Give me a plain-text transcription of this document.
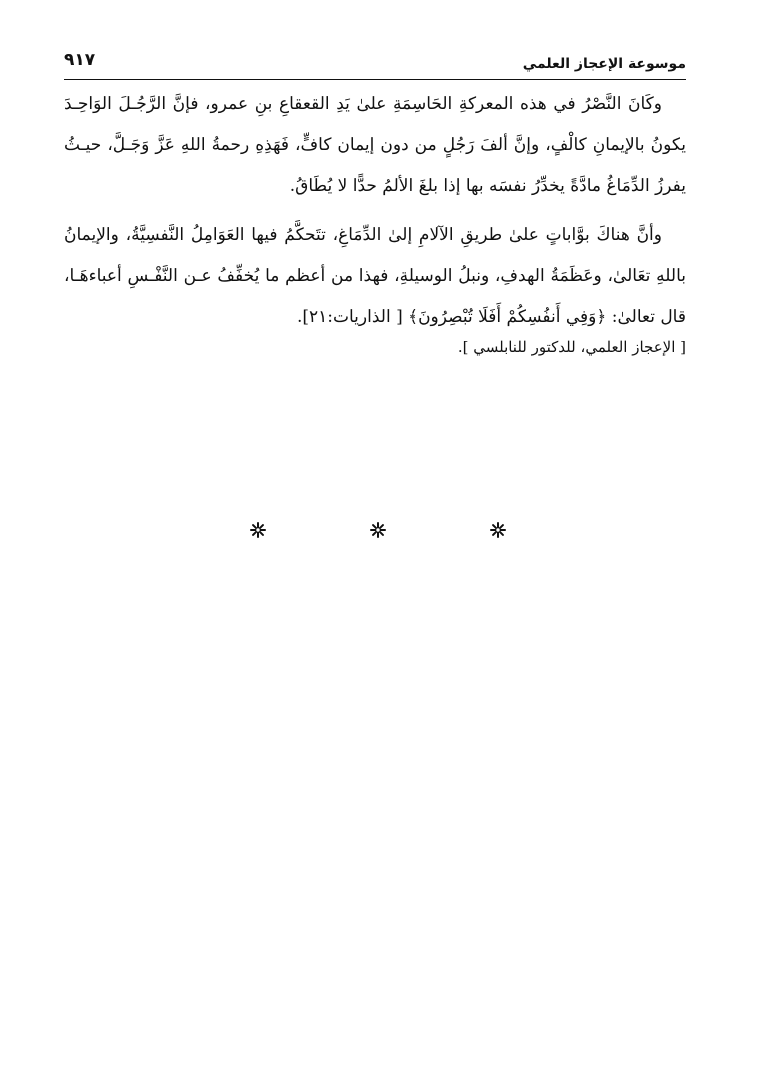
موسوعة الإعجاز العلمي
٩١٧
وكَانَ النَّصْرُ في هذه المعركةِ الحَاسِمَةِ علىٰ يَدِ القعقاعِ بنِ عمرو، فإنَّ الرَّجُـلَ الوَاحِـدَ
يكونُ بالإيمانِ كالْفٍ، وإنَّ ألفَ رَجُلٍ من دون إيمان كافٍّ، فَهَذِهِ رحمةُ اللهِ عَزَّ وَجَـلَّ، حيـثُ
يفرزُ الدِّمَاغُ مادَّةً يخدِّرُ نفسَه بها إذا بلغَ الألمُ حدًّا لا يُطَاقُ.
وأنَّ هناكَ بوَّاباتٍ علىٰ طريقِ الآلامِ إلىٰ الدِّمَاغِ، تتَحكَّمُ فيها العَوَامِلُ النَّفسِيَّةُ، والإيمانُ
باللهِ تعَالىٰ، وعَظَمَةُ الهدفِ، ونبلُ الوسيلةِ، فهذا من أعظم ما يُخفِّفُ عـن النَّفْـسِ أعباءهَـا،
قال تعالىٰ: ﴿وَفِي أَنفُسِكُمْ أَفَلَا تُبْصِرُونَ﴾ [ الذاريات:٢١].
[ الإعجاز العلمي، للدكتور للنابلسي ].
